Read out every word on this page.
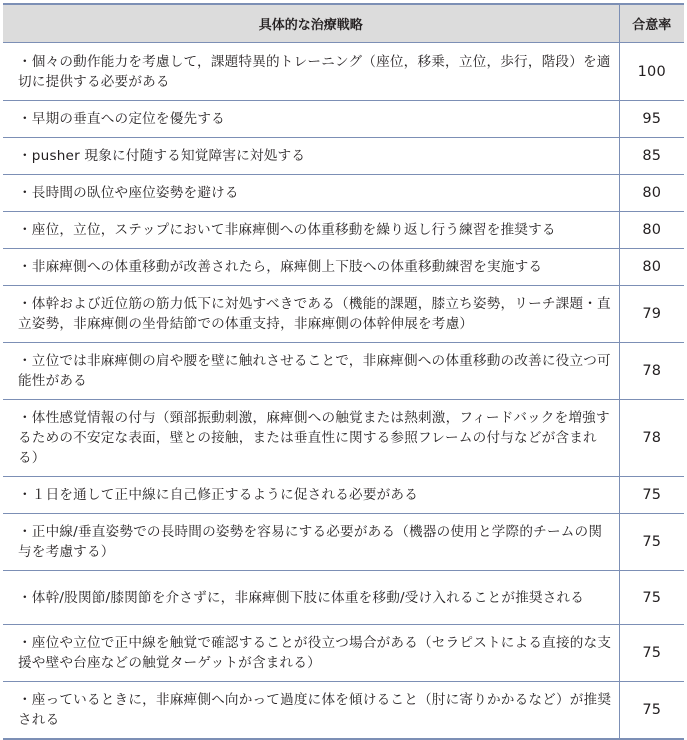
具体的な治療戦略	合意率
・個々の動作能力を考慮して，課題特異的トレーニング（座位，移乗，立位，歩行，階段）を適切に提供する必要がある	100
・早期の垂直への定位を優先する	95
・pusher 現象に付随する知覚障害に対処する	85
・長時間の臥位や座位姿勢を避ける	80
・座位，立位，ステップにおいて非麻痺側への体重移動を繰り返し行う練習を推奨する	80
・非麻痺側への体重移動が改善されたら，麻痺側上下肢への体重移動練習を実施する	80
・体幹および近位筋の筋力低下に対処すべきである（機能的課題，膝立ち姿勢，リーチ課題・直立姿勢，非麻痺側の坐骨結節での体重支持，非麻痺側の体幹伸展を考慮）	79
・立位では非麻痺側の肩や腰を壁に触れさせることで，非麻痺側への体重移動の改善に役立つ可能性がある	78
・体性感覚情報の付与（頸部振動刺激，麻痺側への触覚または熱刺激，フィードバックを増強するための不安定な表面，壁との接触，または垂直性に関する参照フレームの付与などが含まれる）	78
・１日を通して正中線に自己修正するように促される必要がある	75
・正中線/垂直姿勢での長時間の姿勢を容易にする必要がある（機器の使用と学際的チームの関与を考慮する）	75
・体幹/股関節/膝関節を介さずに，非麻痺側下肢に体重を移動/受け入れることが推奨される	75
・座位や立位で正中線を触覚で確認することが役立つ場合がある（セラピストによる直接的な支援や壁や台座などの触覚ターゲットが含まれる）	75
・座っているときに，非麻痺側へ向かって過度に体を傾けること（肘に寄りかかるなど）が推奨される	75
